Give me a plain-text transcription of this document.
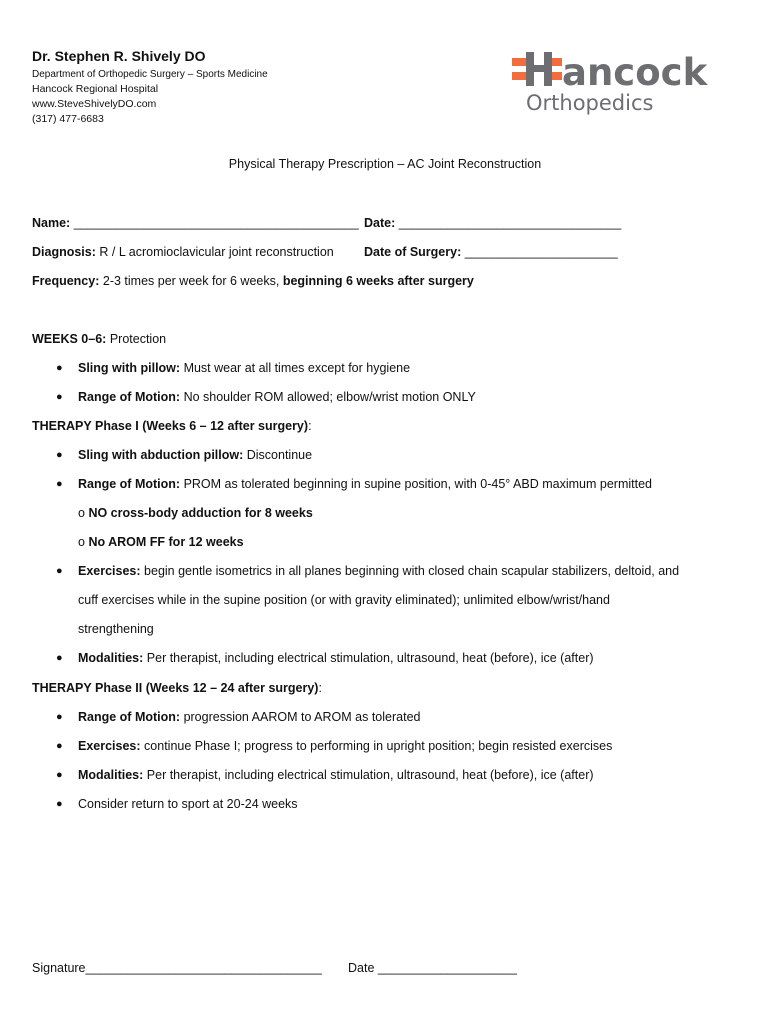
Dr. Stephen R. Shively DO
Department of Orthopedic Surgery – Sports Medicine
Hancock Regional Hospital
www.SteveShivelyDO.com
(317) 477-6683
ancock
Orthopedics
Physical Therapy Prescription – AC Joint Reconstruction
Name: _________________________________________ Date: ________________________________
Diagnosis: R / L acromioclavicular joint reconstruction Date of Surgery: ______________________
Frequency: 2-3 times per week for 6 weeks, beginning 6 weeks after surgery
WEEKS 0–6: Protection
● Sling with pillow: Must wear at all times except for hygiene
● Range of Motion: No shoulder ROM allowed; elbow/wrist motion ONLY
THERAPY Phase I (Weeks 6 – 12 after surgery):
● Sling with abduction pillow: Discontinue
● Range of Motion: PROM as tolerated beginning in supine position, with 0-45° ABD maximum permitted
o NO cross-body adduction for 8 weeks
o No AROM FF for 12 weeks
● Exercises: begin gentle isometrics in all planes beginning with closed chain scapular stabilizers, deltoid, and
cuff exercises while in the supine position (or with gravity eliminated); unlimited elbow/wrist/hand
strengthening
● Modalities: Per therapist, including electrical stimulation, ultrasound, heat (before), ice (after)
THERAPY Phase II (Weeks 12 – 24 after surgery):
● Range of Motion: progression AAROM to AROM as tolerated
● Exercises: continue Phase I; progress to performing in upright position; begin resisted exercises
● Modalities: Per therapist, including electrical stimulation, ultrasound, heat (before), ice (after)
● Consider return to sport at 20-24 weeks
Signature__________________________________ Date ____________________
